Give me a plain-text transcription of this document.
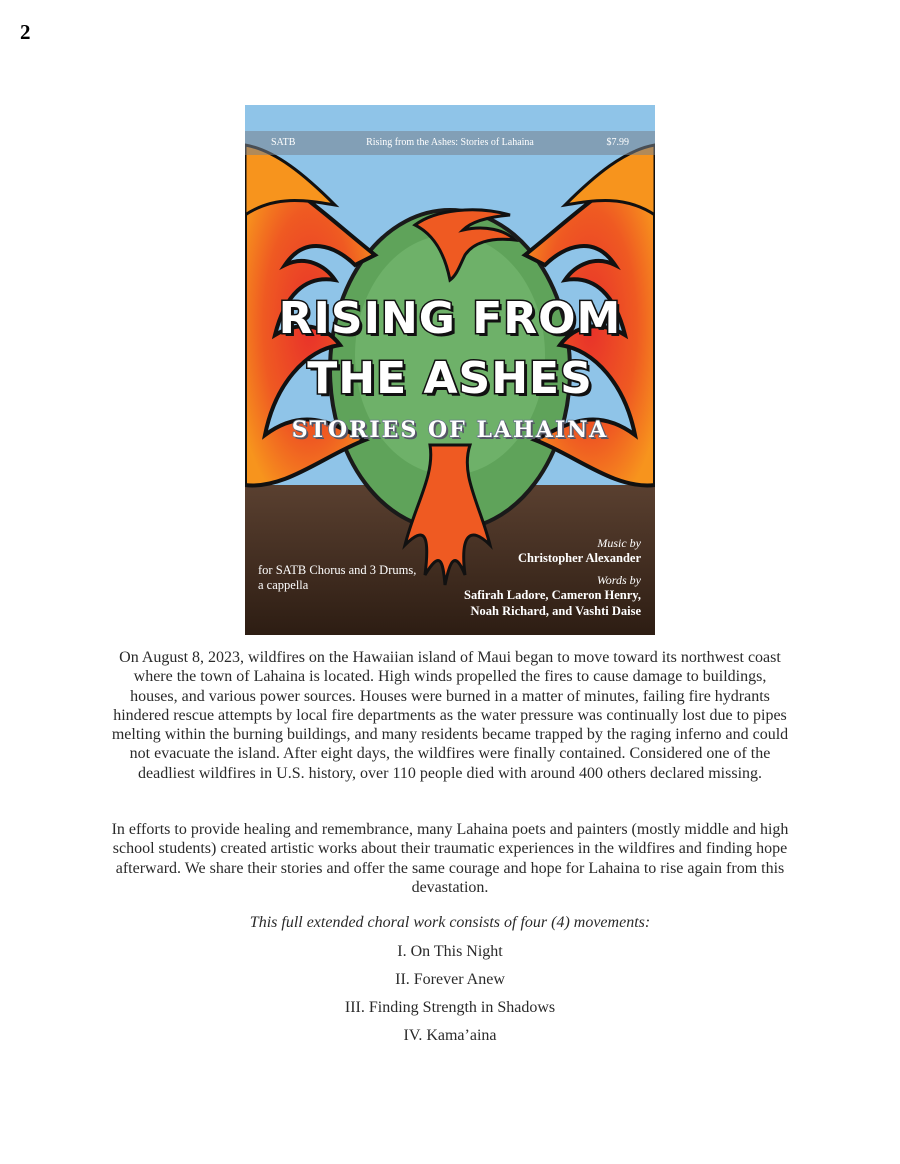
2
SATB	Rising from the Ashes: Stories of Lahaina	$7.99
RISING FROM
THE ASHES
STORIES OF LAHAINA
Music by
Christopher Alexander
Words by
Safirah Ladore, Cameron Henry,
Noah Richard, and Vashti Daise
for SATB Chorus and 3 Drums,
a cappella
On August 8, 2023, wildfires on the Hawaiian island of Maui began to move toward its northwest coast where the town of Lahaina is located. High winds propelled the fires to cause damage to buildings, houses, and various power sources. Houses were burned in a matter of minutes, failing fire hydrants hindered rescue attempts by local fire departments as the water pressure was continually lost due to pipes melting within the burning buildings, and many residents became trapped by the raging inferno and could not evacuate the island. After eight days, the wildfires were finally contained. Considered one of the deadliest wildfires in U.S. history, over 110 people died with around 400 others declared missing.
In efforts to provide healing and remembrance, many Lahaina poets and painters (mostly middle and high school students) created artistic works about their traumatic experiences in the wildfires and finding hope afterward. We share their stories and offer the same courage and hope for Lahaina to rise again from this devastation.
This full extended choral work consists of four (4) movements:
I. On This Night
II. Forever Anew
III. Finding Strength in Shadows
IV. Kama’aina
